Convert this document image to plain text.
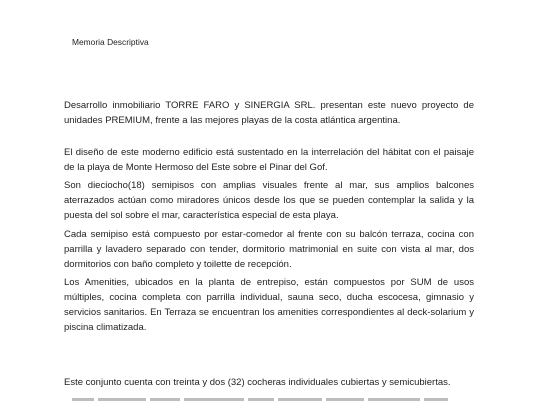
Memoria Descriptiva
Desarrollo inmobiliario TORRE FARO y SINERGIA SRL. presentan este nuevo proyecto de unidades PREMIUM, frente a las mejores playas de la costa atlántica argentina.
El diseño de este moderno edificio está sustentado en la interrelación del hábitat con el paisaje de la playa de Monte Hermoso del Este sobre el Pinar del Gof.
Son dieciocho(18) semipisos con amplias visuales frente al mar, sus amplios balcones aterrazados actúan como miradores únicos desde los que se pueden contemplar la salida y la puesta del sol sobre el mar, característica especial de esta playa.
Cada semipiso está compuesto por estar-comedor al frente con su balcón terraza, cocina con parrilla y lavadero separado con tender, dormitorio matrimonial en suite con vista al mar, dos dormitorios con baño completo y toilette de recepción.
Los Amenities, ubicados en la planta de entrepiso, están compuestos por SUM de usos múltiples, cocina completa con parrilla individual, sauna seco, ducha escocesa, gimnasio y servicios sanitarios. En Terraza se encuentran los amenities correspondientes al deck-solarium y piscina climatizada.
Este conjunto cuenta con treinta y dos (32) cocheras individuales cubiertas y semicubiertas.
